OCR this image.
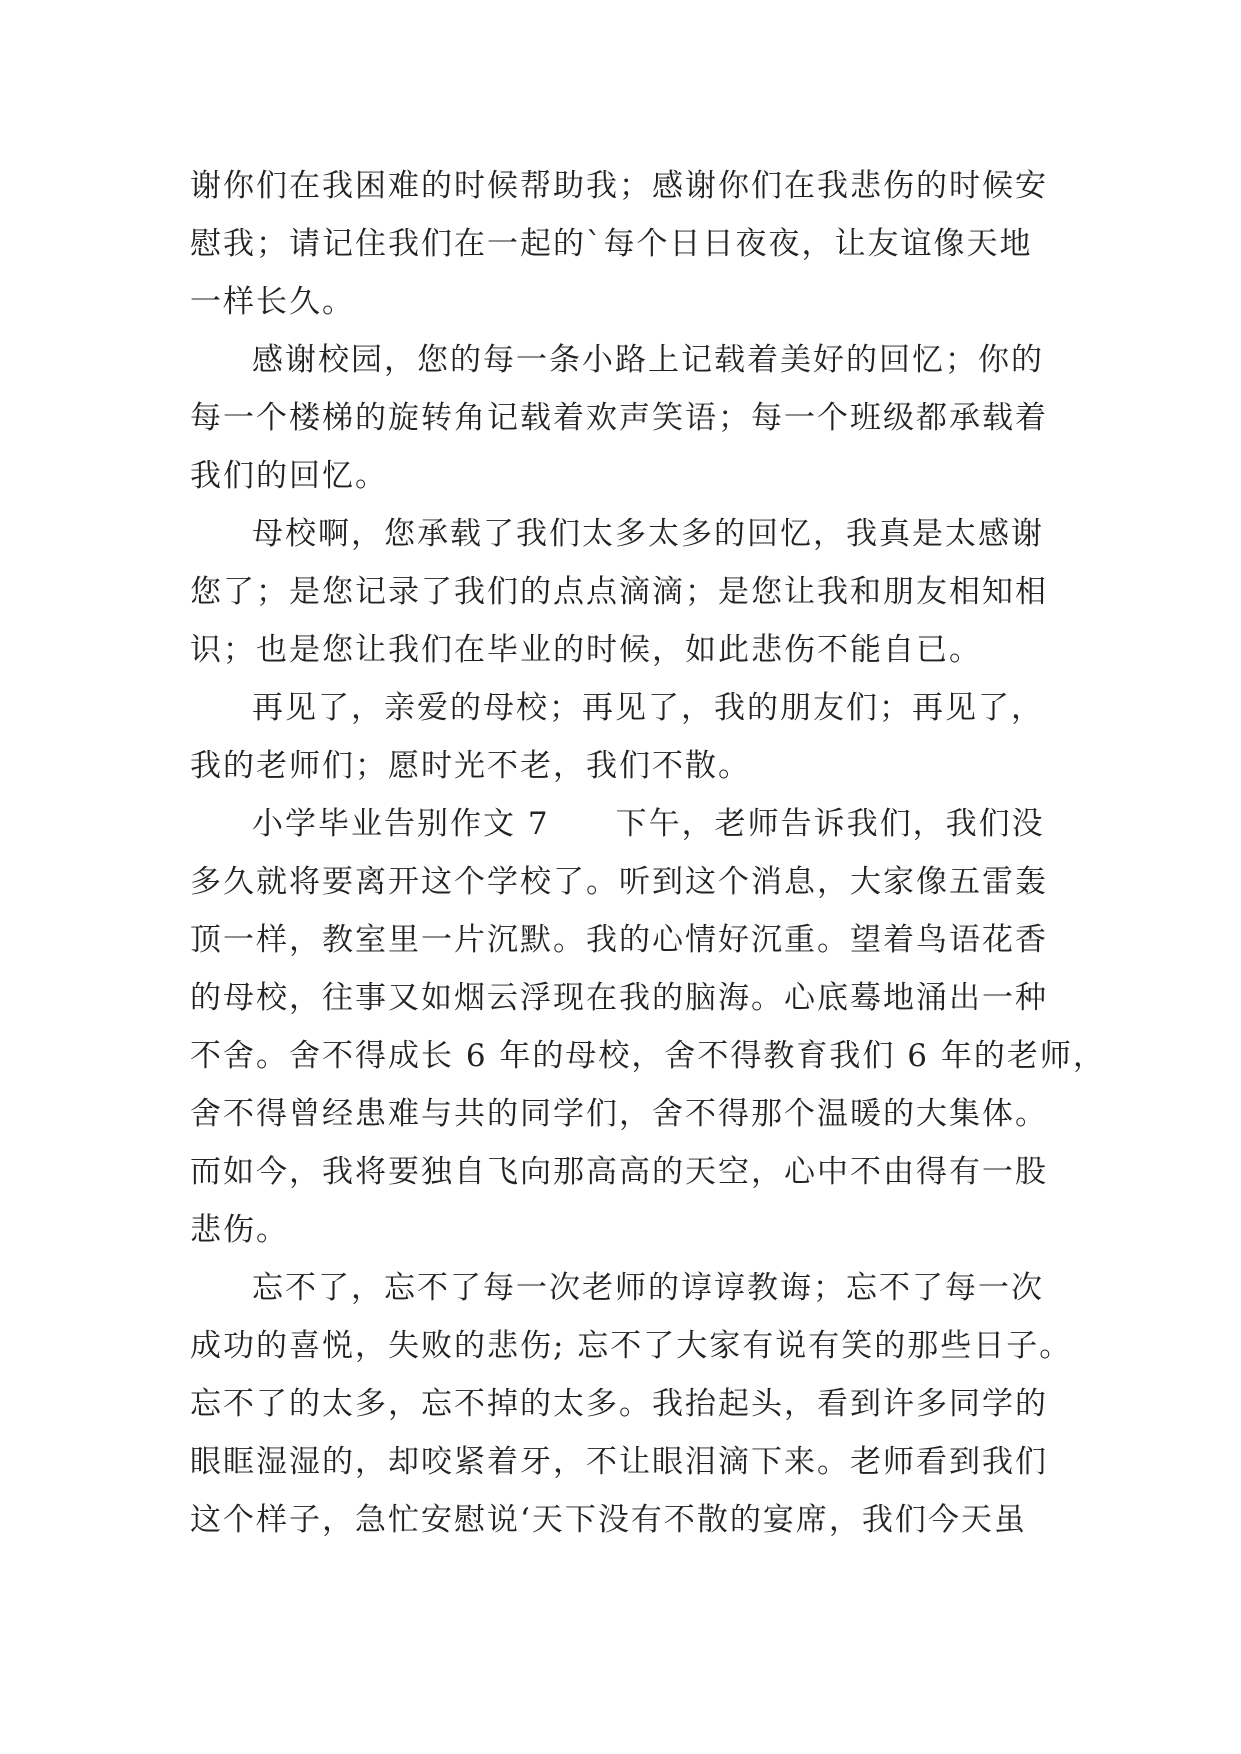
谢你们在我困难的时候帮助我；感谢你们在我悲伤的时候安
慰我；请记住我们在一起的`每个日日夜夜，让友谊像天地
一样长久。
感谢校园，您的每一条小路上记载着美好的回忆；你的
每一个楼梯的旋转角记载着欢声笑语；每一个班级都承载着
我们的回忆。
母校啊，您承载了我们太多太多的回忆，我真是太感谢
您了；是您记录了我们的点点滴滴；是您让我和朋友相知相
识；也是您让我们在毕业的时候，如此悲伤不能自已。
再见了，亲爱的母校；再见了，我的朋友们；再见了，
我的老师们；愿时光不老，我们不散。
小学毕业告别作文 7　　下午，老师告诉我们，我们没
多久就将要离开这个学校了。听到这个消息，大家像五雷轰
顶一样，教室里一片沉默。我的心情好沉重。望着鸟语花香
的母校，往事又如烟云浮现在我的脑海。心底蓦地涌出一种
不舍。舍不得成长 6 年的母校，舍不得教育我们 6 年的老师，
舍不得曾经患难与共的同学们，舍不得那个温暖的大集体。
而如今，我将要独自飞向那高高的天空，心中不由得有一股
悲伤。
忘不了，忘不了每一次老师的谆谆教诲；忘不了每一次
成功的喜悦，失败的悲伤; 忘不了大家有说有笑的那些日子。
忘不了的太多，忘不掉的太多。我抬起头，看到许多同学的
眼眶湿湿的，却咬紧着牙，不让眼泪滴下来。老师看到我们
这个样子，急忙安慰说‘天下没有不散的宴席，我们今天虽
